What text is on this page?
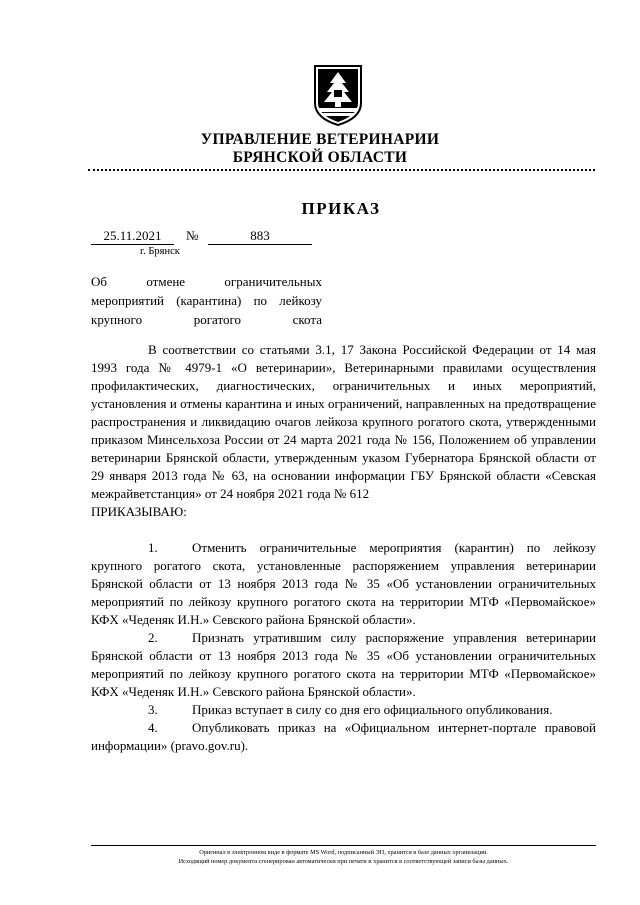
УПРАВЛЕНИЕ ВЕТЕРИНАРИИ
БРЯНСКОЙ ОБЛАСТИ
ПРИКАЗ
25.11.2021	№	883
г. Брянск
Об отмене ограничительных мероприятий (карантина) по лейкозу крупного рогатого скота

В соответствии со статьями 3.1, 17 Закона Российской Федерации от 14 мая 1993 года № 4979-1 «О ветеринарии», Ветеринарными правилами осуществления профилактических, диагностических, ограничительных и иных мероприятий, установления и отмены карантина и иных ограничений, направленных на предотвращение распространения и ликвидацию очагов лейкоза крупного рогатого скота, утвержденными приказом Минсельхоза России от 24 марта 2021 года № 156, Положением об управлении ветеринарии Брянской области, утвержденным указом Губернатора Брянской области от 29 января 2013 года № 63, на основании информации ГБУ Брянской области «Севская межрайветстанция» от 24 ноября 2021 года № 612

ПРИКАЗЫВАЮ:

1.	Отменить ограничительные мероприятия (карантин) по лейкозу крупного рогатого скота, установленные распоряжением управления ветеринарии Брянской области от 13 ноября 2013 года № 35 «Об установлении ограничительных мероприятий по лейкозу крупного рогатого скота на территории МТФ «Первомайское» КФХ «Чеденяк И.Н.» Севского района Брянской области».

2.	Признать утратившим силу распоряжение управления ветеринарии Брянской области от 13 ноября 2013 года № 35 «Об установлении ограничительных мероприятий по лейкозу крупного рогатого скота на территории МТФ «Первомайское» КФХ «Чеденяк И.Н.» Севского района Брянской области».

3.	Приказ вступает в силу со дня его официального опубликования.

4.	Опубликовать приказ на «Официальном интернет-портале правовой информации» (pravo.gov.ru).

Оригинал в электронном виде в формате MS Word, подписанный ЭП, хранится в базе данных организации.
Исходящий номер документа сгенерирован автоматически при печати и хранится в соответствующей записи базы данных.
